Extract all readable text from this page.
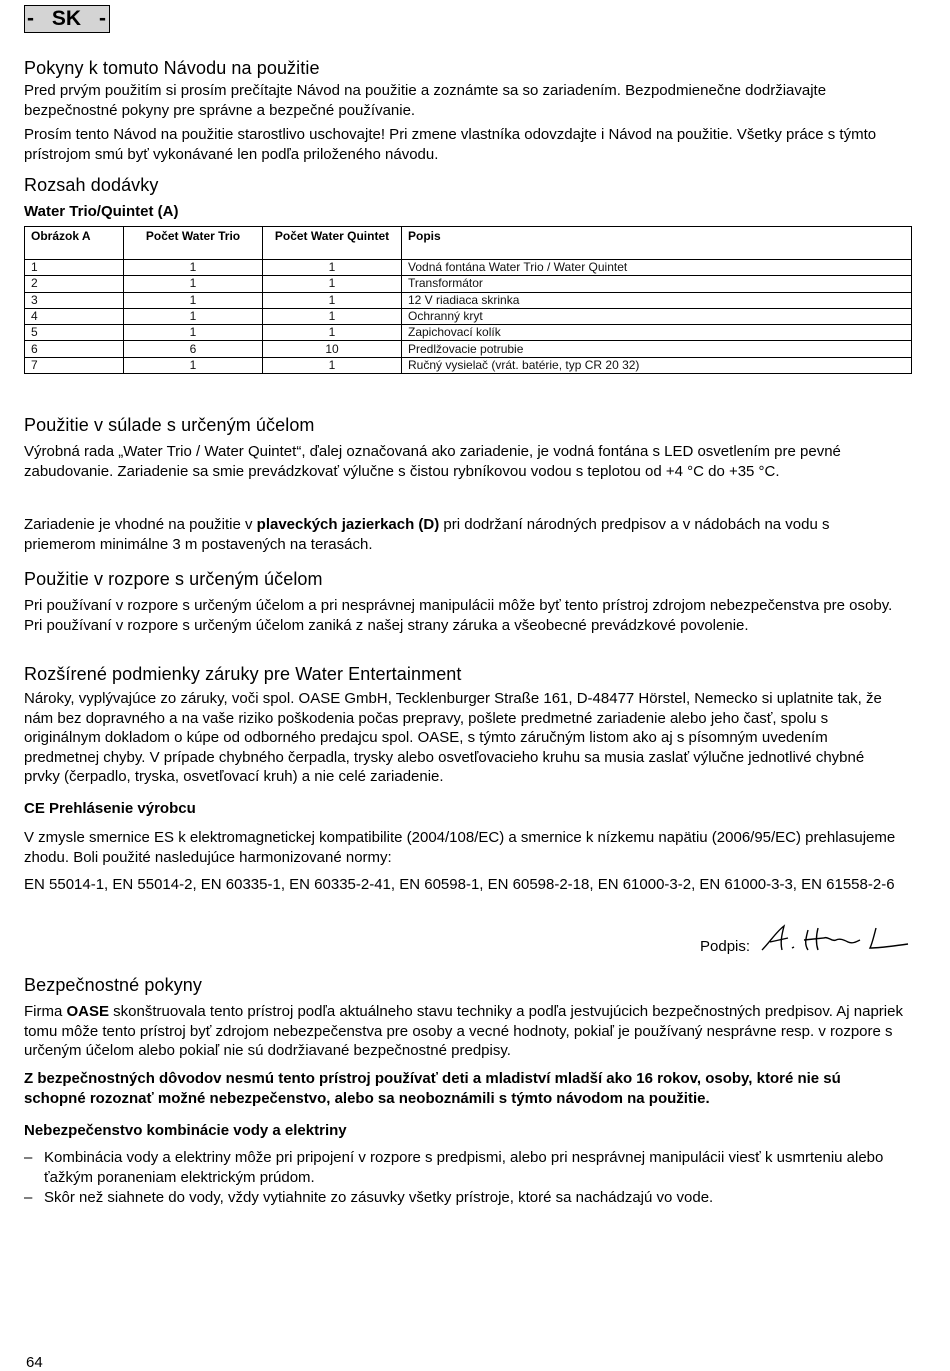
- SK -
Pokyny k tomuto Návodu na použitie

Pred prvým použitím si prosím prečítajte Návod na použitie a zoznámte sa so zariadením. Bezpodmienečne dodržiavajte bezpečnostné pokyny pre správne a bezpečné používanie.

Prosím tento Návod na použitie starostlivo uschovajte! Pri zmene vlastníka odovzdajte i Návod na použitie. Všetky práce s týmto prístrojom smú byť vykonávané len podľa priloženého návodu.

Rozsah dodávky
Water Trio/Quintet (A)
Obrázok A	Počet Water Trio	Počet Water Quintet	Popis
1	1	1	Vodná fontána Water Trio / Water Quintet
2	1	1	Transformátor
3	1	1	12 V riadiaca skrinka
4	1	1	Ochranný kryt
5	1	1	Zapichovací kolík
6	6	10	Predlžovacie potrubie
7	1	1	Ručný vysielač (vrát. batérie, typ CR 20 32)
Použitie v súlade s určeným účelom

Výrobná rada „Water Trio / Water Quintet“, ďalej označovaná ako zariadenie, je vodná fontána s LED osvetlením pre pevné zabudovanie. Zariadenie sa smie prevádzkovať výlučne s čistou rybníkovou vodou s teplotou od +4 °C do +35 °C.

Zariadenie je vhodné na použitie v plaveckých jazierkach (D) pri dodržaní národných predpisov a v nádobách na vodu s priemerom minimálne 3 m postavených na terasách.

Použitie v rozpore s určeným účelom

Pri používaní v rozpore s určeným účelom a pri nesprávnej manipulácii môže byť tento prístroj zdrojom nebezpečenstva pre osoby. Pri používaní v rozpore s určeným účelom zaniká z našej strany záruka a všeobecné prevádzkové povolenie.

Rozšírené podmienky záruky pre Water Entertainment

Nároky, vyplývajúce zo záruky, voči spol. OASE GmbH, Tecklenburger Straße 161, D-48477 Hörstel, Nemecko si uplatnite tak, že nám bez dopravného a na vaše riziko poškodenia počas prepravy, pošlete predmetné zariadenie alebo jeho časť, spolu s originálnym dokladom o kúpe od odborného predajcu spol. OASE, s týmto záručným listom ako aj s písomným uvedením predmetnej chyby. V prípade chybného čerpadla, trysky alebo osvetľovacieho kruhu sa musia zaslať výlučne jednotlivé chybné prvky (čerpadlo, tryska, osvetľovací kruh) a nie celé zariadenie.

CE Prehlásenie výrobcu

V zmysle smernice ES k elektromagnetickej kompatibilite (2004/108/EC) a smernice k nízkemu napätiu (2006/95/EC) prehlasujeme zhodu. Boli použité nasledujúce harmonizované normy:

EN 55014-1, EN 55014-2, EN 60335-1, EN 60335-2-41, EN 60598-1, EN 60598-2-18, EN 61000-3-2, EN 61000-3-3, EN 61558-2-6

Podpis:
Bezpečnostné pokyny

Firma OASE skonštruovala tento prístroj podľa aktuálneho stavu techniky a podľa jestvujúcich bezpečnostných predpisov. Aj napriek tomu môže tento prístroj byť zdrojom nebezpečenstva pre osoby a vecné hodnoty, pokiaľ je používaný nesprávne resp. v rozpore s určeným účelom alebo pokiaľ nie sú dodržiavané bezpečnostné predpisy.

Z bezpečnostných dôvodov nesmú tento prístroj používať deti a mladiství mladší ako 16 rokov, osoby, ktoré nie sú schopné rozoznať možné nebezpečenstvo, alebo sa neoboznámili s týmto návodom na použitie.

Nebezpečenstvo kombinácie vody a elektriny
– Kombinácia vody a elektriny môže pri pripojení v rozpore s predpismi, alebo pri nesprávnej manipulácii viesť k usmrteniu alebo ťažkým poraneniam elektrickým prúdom.
– Skôr než siahnete do vody, vždy vytiahnite zo zásuvky všetky prístroje, ktoré sa nachádzajú vo vode.
64
